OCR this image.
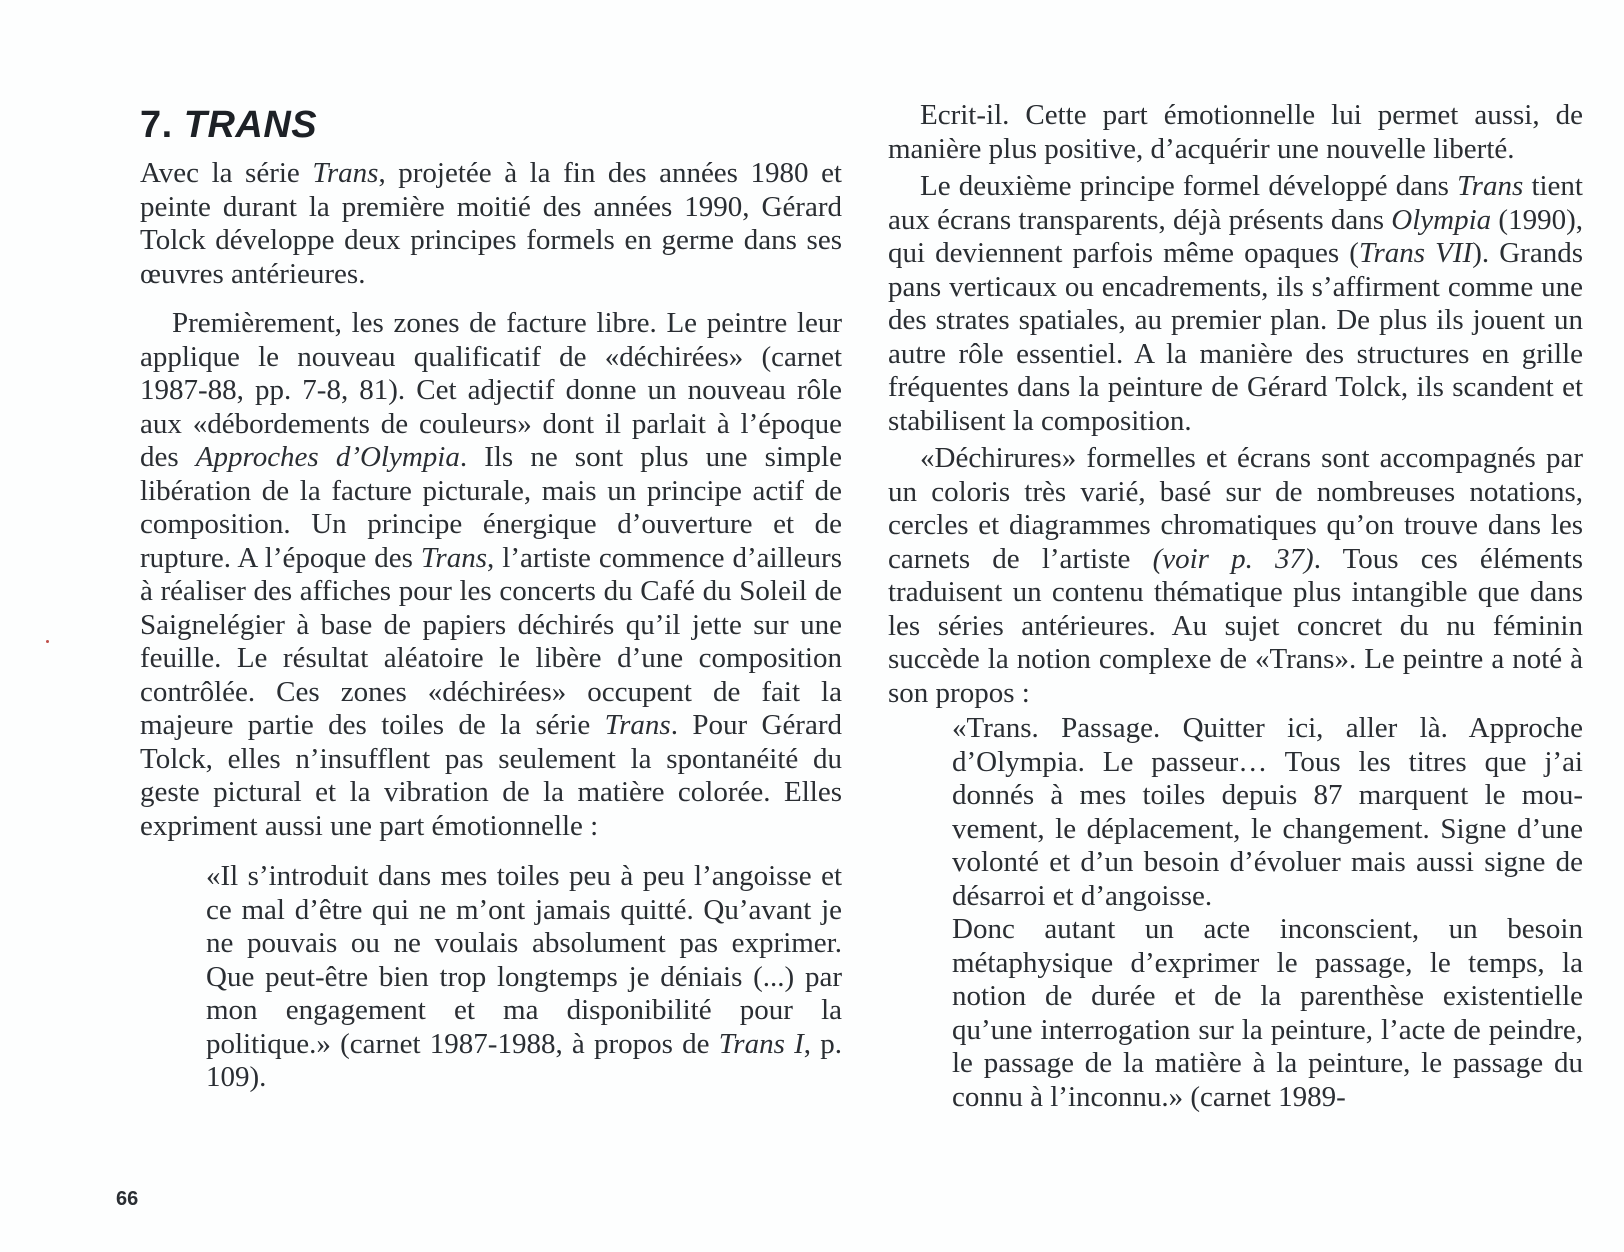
7. TRANS

Avec la série Trans, projetée à la fin des années 1980 et peinte durant la première moitié des années 1990, Gérard Tolck développe deux principes formels en germe dans ses œuvres antérieures.

Premièrement, les zones de facture libre. Le peintre leur applique le nouveau qualificatif de «déchirées» (carnet 1987-88, pp. 7-8, 81). Cet adjectif donne un nouveau rôle aux «débordements de couleurs» dont il parlait à l’époque des Approches d’Olympia. Ils ne sont plus une simple libération de la facture picturale, mais un principe actif de composition. Un principe énergique d’ouverture et de rupture. A l’époque des Trans, l’artiste commence d’ailleurs à réaliser des affiches pour les concerts du Café du Soleil de Saignelégier à base de papiers déchirés qu’il jette sur une feuille. Le résultat aléatoire le libère d’une composition contrôlée. Ces zones «déchirées» occupent de fait la majeure partie des toiles de la série Trans. Pour Gérard Tolck, elles n’insufflent pas seulement la spontanéité du geste pictural et la vibration de la matière colorée. Elles expriment aussi une part émotionnelle :

«Il s’introduit dans mes toiles peu à peu l’angoisse et ce mal d’être qui ne m’ont jamais quitté. Qu’avant je ne pouvais ou ne voulais absolument pas exprimer. Que peut-être bien trop longtemps je déniais (...) par mon engagement et ma disponibilité pour la politique.» (carnet 1987-1988, à propos de Trans I, p. 109).

Ecrit-il. Cette part émotionnelle lui permet aussi, de manière plus positive, d’acquérir une nouvelle liberté.

Le deuxième principe formel développé dans Trans tient aux écrans transparents, déjà présents dans Olympia (1990), qui deviennent parfois même opaques (Trans VII). Grands pans verticaux ou encadrements, ils s’affirment comme une des strates spatiales, au premier plan. De plus ils jouent un autre rôle essentiel. A la manière des structures en grille fréquentes dans la peinture de Gérard Tolck, ils scandent et stabilisent la composition.

«Déchirures» formelles et écrans sont accompagnés par un coloris très varié, basé sur de nombreuses notations, cercles et diagrammes chromatiques qu’on trouve dans les carnets de l’artiste (voir p. 37). Tous ces éléments traduisent un contenu thématique plus intangible que dans les séries antérieures. Au sujet concret du nu féminin succède la notion complexe de «Trans». Le peintre a noté à son propos :

«Trans. Passage. Quitter ici, aller là. Approche d’Olympia. Le passeur… Tous les titres que j’ai donnés à mes toiles depuis 87 marquent le mouvement, le déplacement, le changement. Signe d’une volonté et d’un besoin d’évoluer mais aussi signe de désarroi et d’angoisse.

Donc autant un acte inconscient, un besoin métaphysique d’exprimer le passage, le temps, la notion de durée et de la parenthèse existentielle qu’une interrogation sur la peinture, l’acte de peindre, le passage de la matière à la peinture, le passage du connu à l’inconnu.» (carnet 1989-

66
